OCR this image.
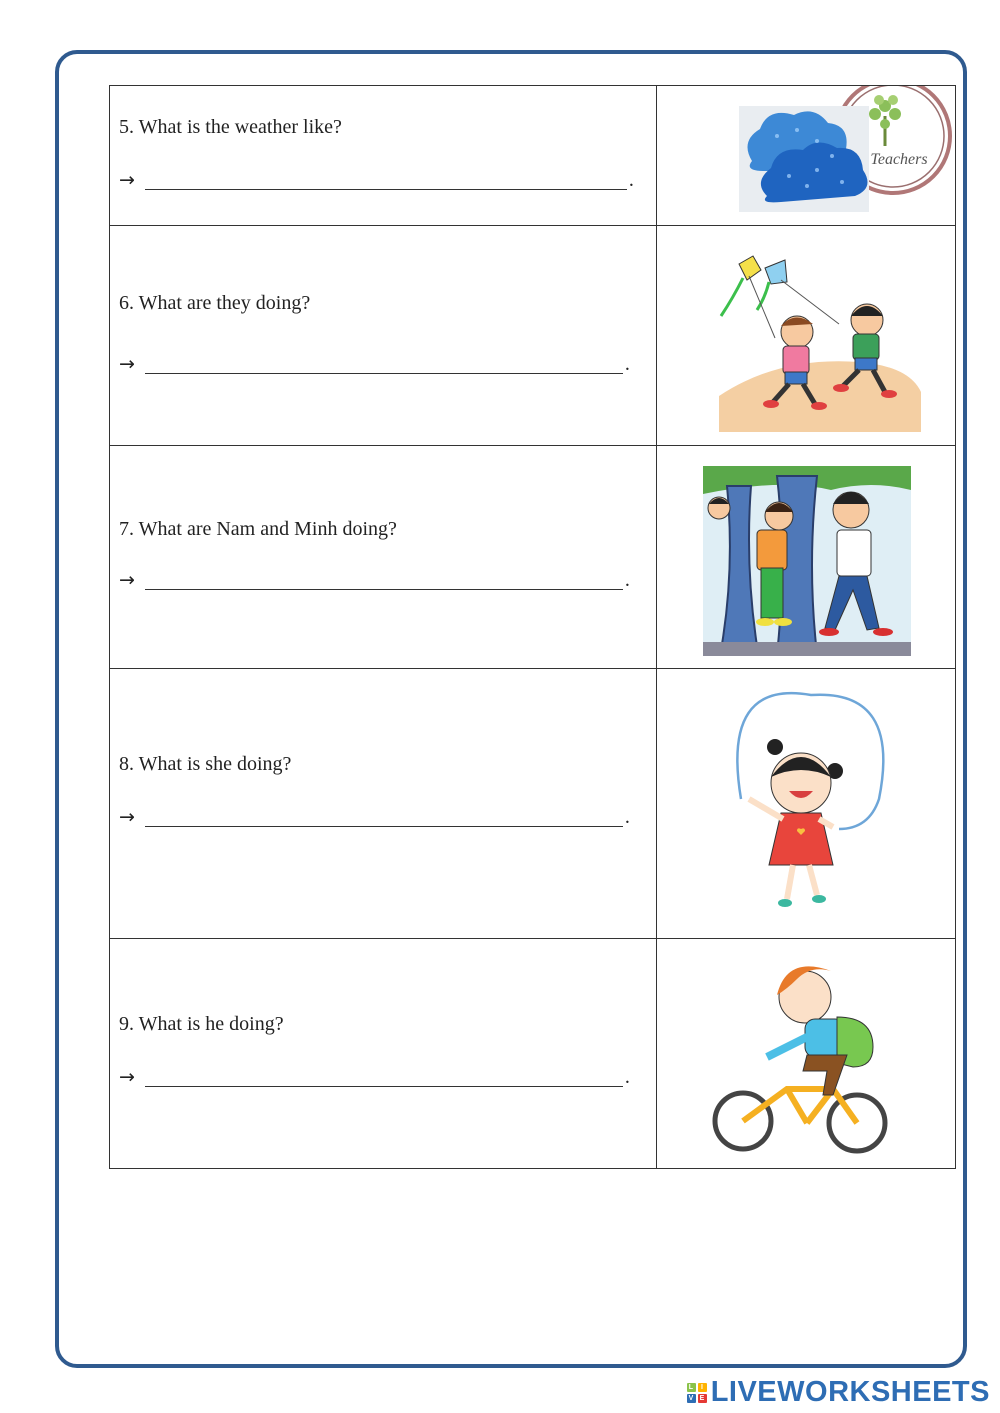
5. What is the weather like?
→ .	Teachers

6. What are they doing?
→ .

7. What are Nam and Minh doing?
→ .

8. What is she doing?
→ .

9. What is he doing?
→ .

L	I
V E LIVEWORKSHEETS
